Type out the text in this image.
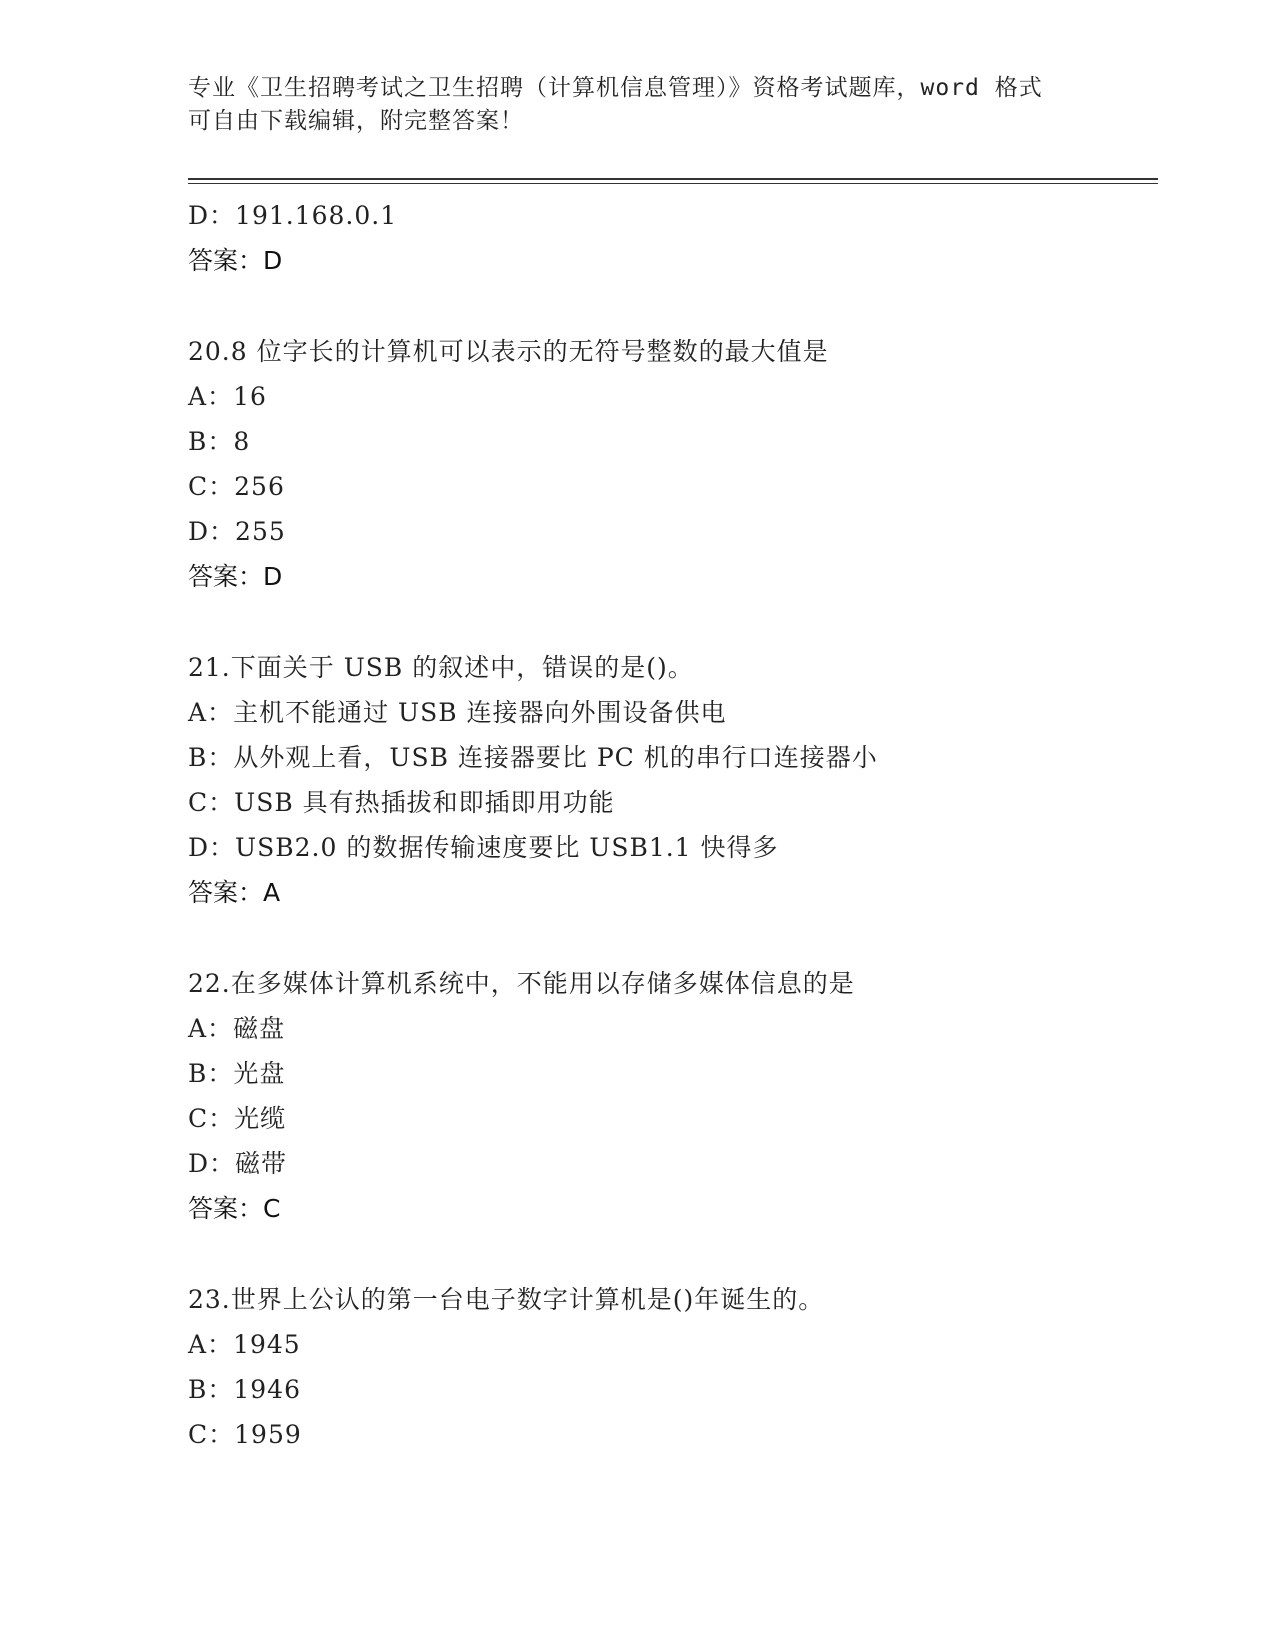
专业《卫生招聘考试之卫生招聘（计算机信息管理）》资格考试题库，word 格式
可自由下载编辑，附完整答案！
D：191.168.0.1
答案：D
20.8 位字长的计算机可以表示的无符号整数的最大值是
A：16
B：8
C：256
D：255
答案：D
21.下面关于 USB 的叙述中，错误的是()。
A：主机不能通过 USB 连接器向外围设备供电
B：从外观上看，USB 连接器要比 PC 机的串行口连接器小
C：USB 具有热插拔和即插即用功能
D：USB2.0 的数据传输速度要比 USB1.1 快得多
答案：A
22.在多媒体计算机系统中，不能用以存储多媒体信息的是
A：磁盘
B：光盘
C：光缆
D：磁带
答案：C
23.世界上公认的第一台电子数字计算机是()年诞生的。
A：1945
B：1946
C：1959
